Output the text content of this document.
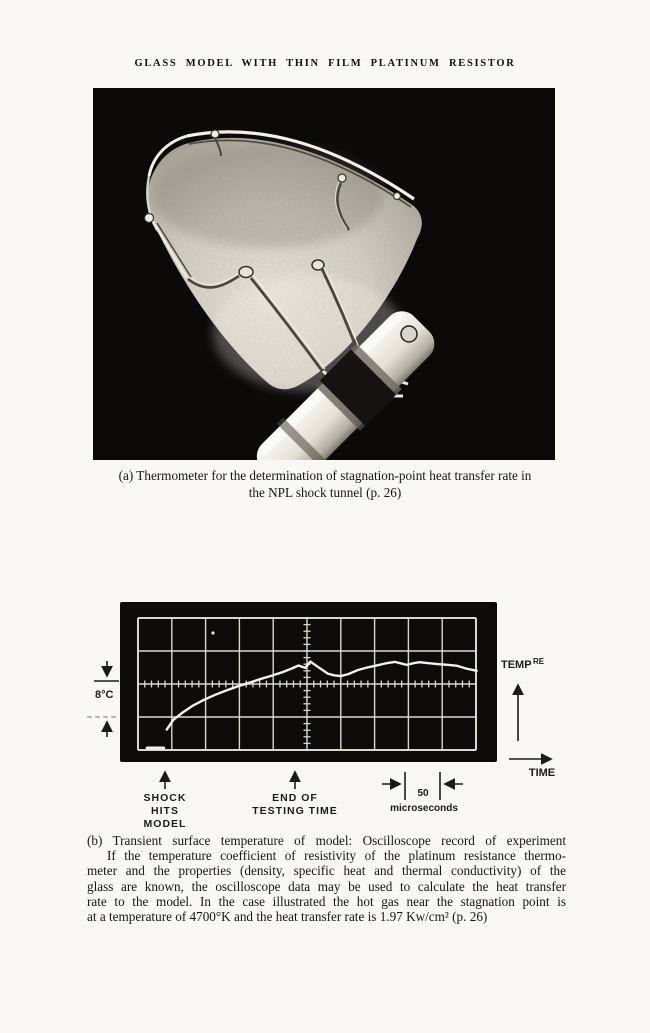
GLASS MODEL WITH THIN FILM PLATINUM RESISTOR
(a) Thermometer for the determination of stagnation-point heat transfer rate in
the NPL shock tunnel (p. 26)
8°C
TEMP RE
TIME
SHOCK
HITS
MODEL
END OF
TESTING TIME
50
microseconds
(b) Transient surface temperature of model: Oscilloscope record of experiment
If the temperature coefficient of resistivity of the platinum resistance thermo-
meter and the properties (density, specific heat and thermal conductivity) of the
glass are known, the oscilloscope data may be used to calculate the heat transfer
rate to the model. In the case illustrated the hot gas near the stagnation point is
at a temperature of 4700°K and the heat transfer rate is 1.97 Kw/cm² (p. 26)
